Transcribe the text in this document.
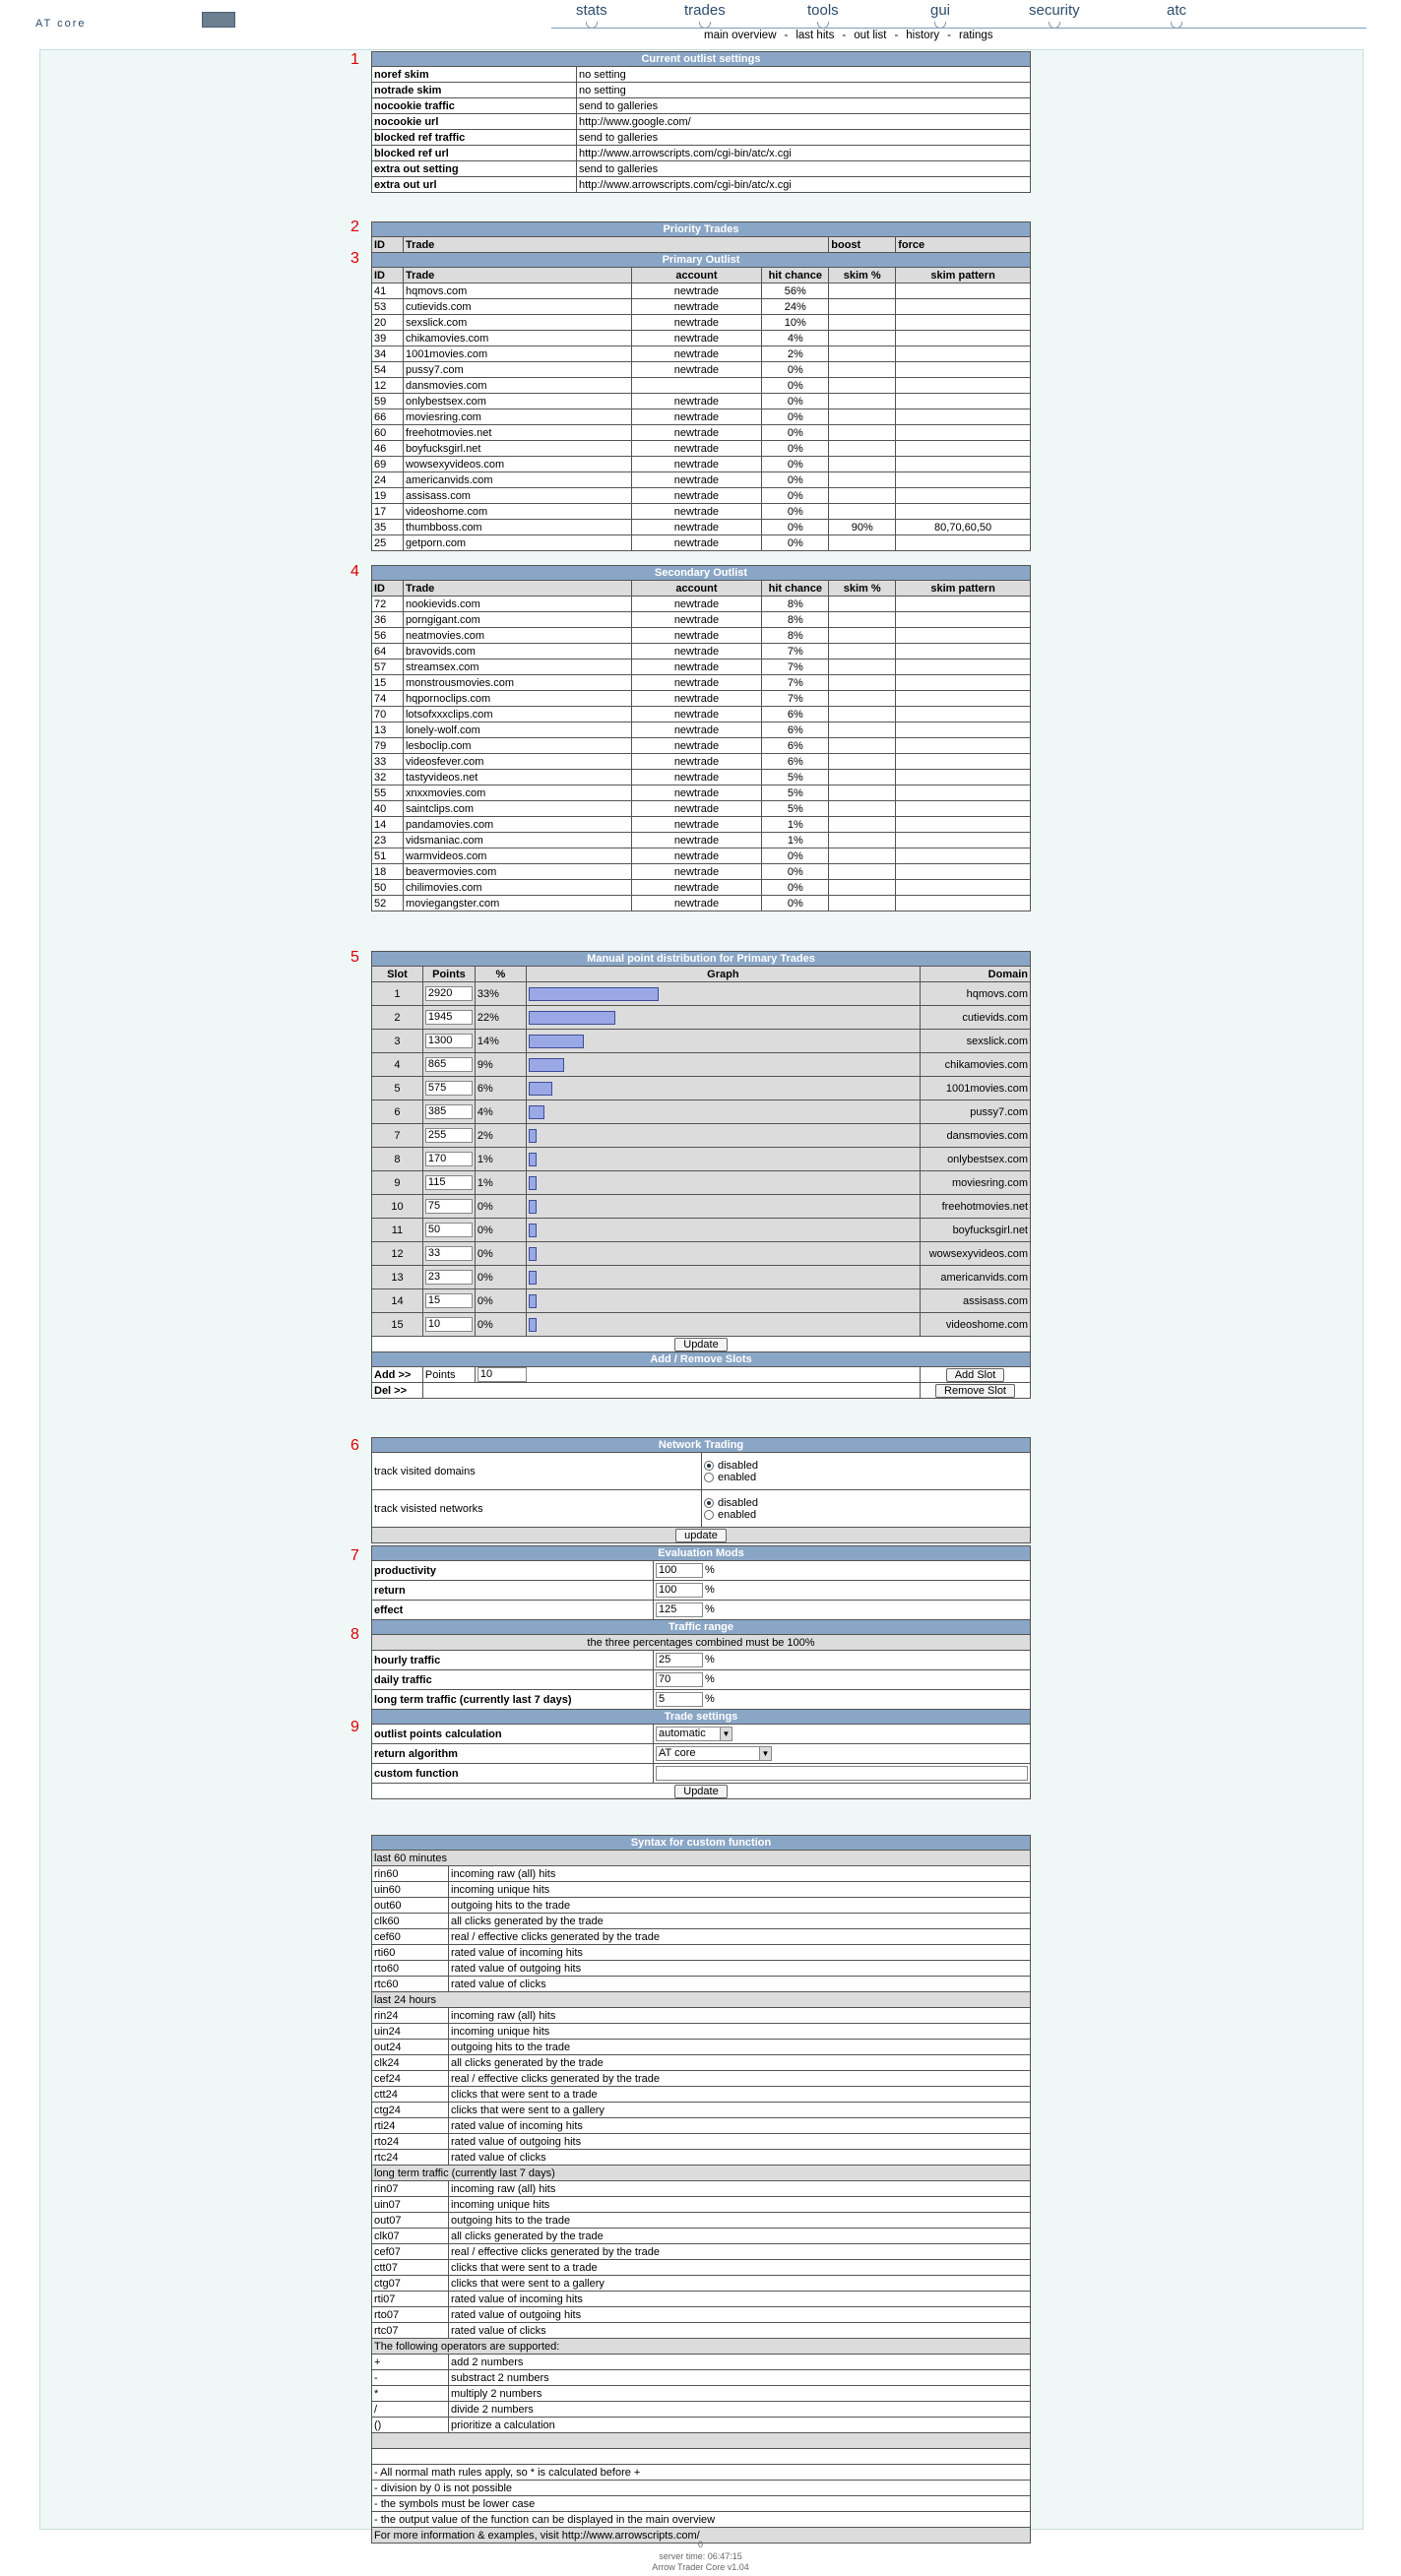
AT core
stats	trades	tools	gui	security	atc
main overview - last hits - out list - history - ratings
1
2
3
4
5
6
7
8
9
Current outlist settings	
noref skim	no setting
notrade skim	no setting
nocookie traffic	send to galleries
nocookie url	http://www.google.com/
blocked ref traffic	send to galleries
blocked ref url	http://www.arrowscripts.com/cgi-bin/atc/x.cgi
extra out setting	send to galleries
extra out url	http://www.arrowscripts.com/cgi-bin/atc/x.cgi
Priority Trades					
ID	Trade			boost	force
Primary Outlist					
ID	Trade	account	hit chance	skim %	skim pattern
41	hqmovs.com	newtrade	56%		
53	cutievids.com	newtrade	24%		
20	sexslick.com	newtrade	10%		
39	chikamovies.com	newtrade	4%		
34	1001movies.com	newtrade	2%		
54	pussy7.com	newtrade	0%		
12	dansmovies.com		0%		
59	onlybestsex.com	newtrade	0%		
66	moviesring.com	newtrade	0%		
60	freehotmovies.net	newtrade	0%		
46	boyfucksgirl.net	newtrade	0%		
69	wowsexyvideos.com	newtrade	0%		
24	americanvids.com	newtrade	0%		
19	assisass.com	newtrade	0%		
17	videoshome.com	newtrade	0%		
35	thumbboss.com	newtrade	0%	90%	80,70,60,50
25	getporn.com	newtrade	0%		
Secondary Outlist					
ID	Trade	account	hit chance	skim %	skim pattern
72	nookievids.com	newtrade	8%		
36	porngigant.com	newtrade	8%		
56	neatmovies.com	newtrade	8%		
64	bravovids.com	newtrade	7%		
57	streamsex.com	newtrade	7%		
15	monstrousmovies.com	newtrade	7%		
74	hqpornoclips.com	newtrade	7%		
70	lotsofxxxclips.com	newtrade	6%		
13	lonely-wolf.com	newtrade	6%		
79	lesboclip.com	newtrade	6%		
33	videosfever.com	newtrade	6%		
32	tastyvideos.net	newtrade	5%		
55	xnxxmovies.com	newtrade	5%		
40	saintclips.com	newtrade	5%		
14	pandamovies.com	newtrade	1%		
23	vidsmaniac.com	newtrade	1%		
51	warmvideos.com	newtrade	0%		
18	beavermovies.com	newtrade	0%		
50	chilimovies.com	newtrade	0%		
52	moviegangster.com	newtrade	0%		
Manual point distribution for Primary Trades				
Slot	Points	%	Graph	Domain
1	2920	33%		hqmovs.com
2	1945	22%		cutievids.com
3	1300	14%		sexslick.com
4	865	9%		chikamovies.com
5	575	6%		1001movies.com
6	385	4%		pussy7.com
7	255	2%		dansmovies.com
8	170	1%		onlybestsex.com
9	115	1%		moviesring.com
10	75	0%		freehotmovies.net
11	50	0%		boyfucksgirl.net
12	33	0%		wowsexyvideos.com
13	23	0%		americanvids.com
14	15	0%		assisass.com
15	10	0%		videoshome.com
Update				
Add / Remove Slots				
Add >>	Points	10		Add Slot
Del >>				Remove Slot
Network Trading	
track visited domains	disabled
enabled

track visisted networks	disabled
enabled

update	
Evaluation Mods	
productivity	100 %
return	100 %
effect	125 %
Traffic range	
the three percentages combined must be 100%	
hourly traffic	25 %
daily traffic	70 %
long term traffic (currently last 7 days)	5 %
Trade settings	
outlist points calculation	automatic ▼

return algorithm	AT core ▼

custom function	
Update	
Syntax for custom function	
last 60 minutes	
rin60	incoming raw (all) hits
uin60	incoming unique hits
out60	outgoing hits to the trade
clk60	all clicks generated by the trade
cef60	real / effective clicks generated by the trade
rti60	rated value of incoming hits
rto60	rated value of outgoing hits
rtc60	rated value of clicks
last 24 hours	
rin24	incoming raw (all) hits
uin24	incoming unique hits
out24	outgoing hits to the trade
clk24	all clicks generated by the trade
cef24	real / effective clicks generated by the trade
ctt24	clicks that were sent to a trade
ctg24	clicks that were sent to a gallery
rti24	rated value of incoming hits
rto24	rated value of outgoing hits
rtc24	rated value of clicks
long term traffic (currently last 7 days)	
rin07	incoming raw (all) hits
uin07	incoming unique hits
out07	outgoing hits to the trade
clk07	all clicks generated by the trade
cef07	real / effective clicks generated by the trade
ctt07	clicks that were sent to a trade
ctg07	clicks that were sent to a gallery
rti07	rated value of incoming hits
rto07	rated value of outgoing hits
rtc07	rated value of clicks
The following operators are supported:	
+	add 2 numbers
-	substract 2 numbers
*	multiply 2 numbers
/	divide 2 numbers
()	prioritize a calculation

- All normal math rules apply, so * is calculated before +	
- division by 0 is not possible	
- the symbols must be lower case	
- the output value of the function can be displayed in the main overview	
For more information & examples, visit http://www.arrowscripts.com/	
0
server time: 06:47:15
Arrow Trader Core v1.04
